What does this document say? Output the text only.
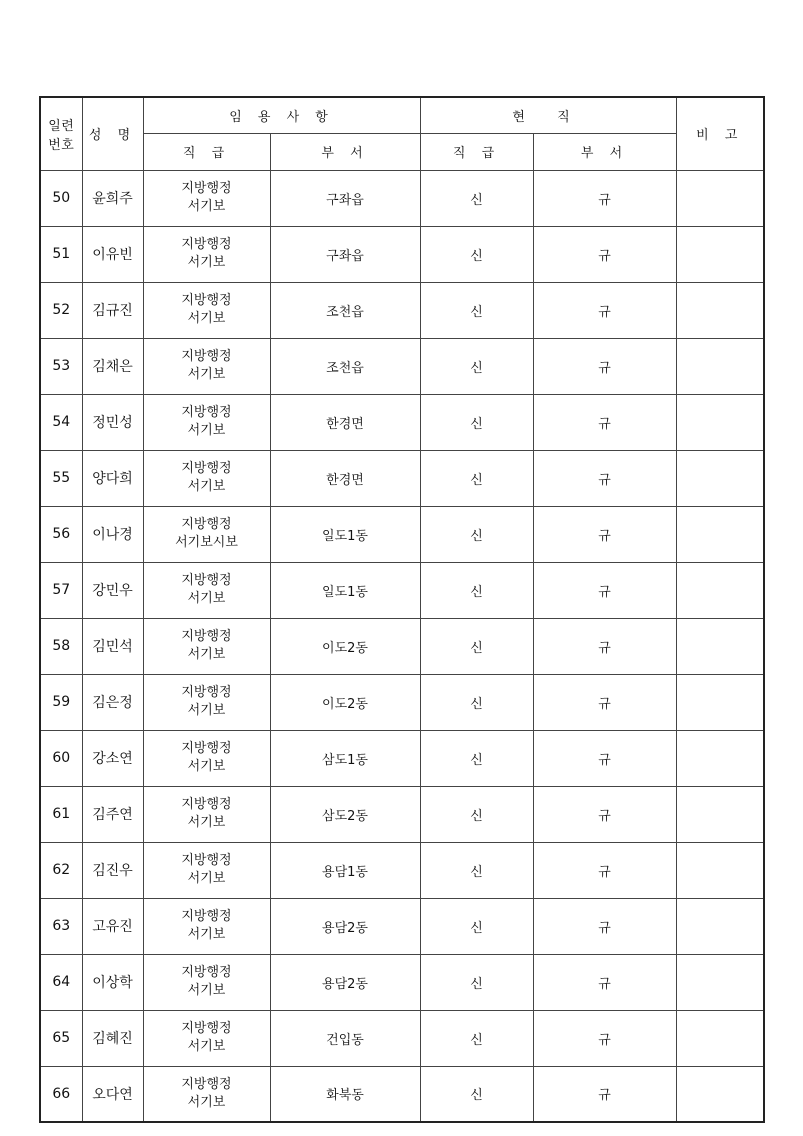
일련
번호	성 명	임 용 사 항		현 직		비 고
		직 급	부 서	직 급	부 서	
50	윤희주	지방행정
서기보	구좌읍	신	규	
51	이유빈	지방행정
서기보	구좌읍	신	규	
52	김규진	지방행정
서기보	조천읍	신	규	
53	김채은	지방행정
서기보	조천읍	신	규	
54	정민성	지방행정
서기보	한경면	신	규	
55	양다희	지방행정
서기보	한경면	신	규	
56	이나경	지방행정
서기보시보	일도1동	신	규	
57	강민우	지방행정
서기보	일도1동	신	규	
58	김민석	지방행정
서기보	이도2동	신	규	
59	김은정	지방행정
서기보	이도2동	신	규	
60	강소연	지방행정
서기보	삼도1동	신	규	
61	김주연	지방행정
서기보	삼도2동	신	규	
62	김진우	지방행정
서기보	용담1동	신	규	
63	고유진	지방행정
서기보	용담2동	신	규	
64	이상학	지방행정
서기보	용담2동	신	규	
65	김혜진	지방행정
서기보	건입동	신	규	
66	오다연	지방행정
서기보	화북동	신	규	
